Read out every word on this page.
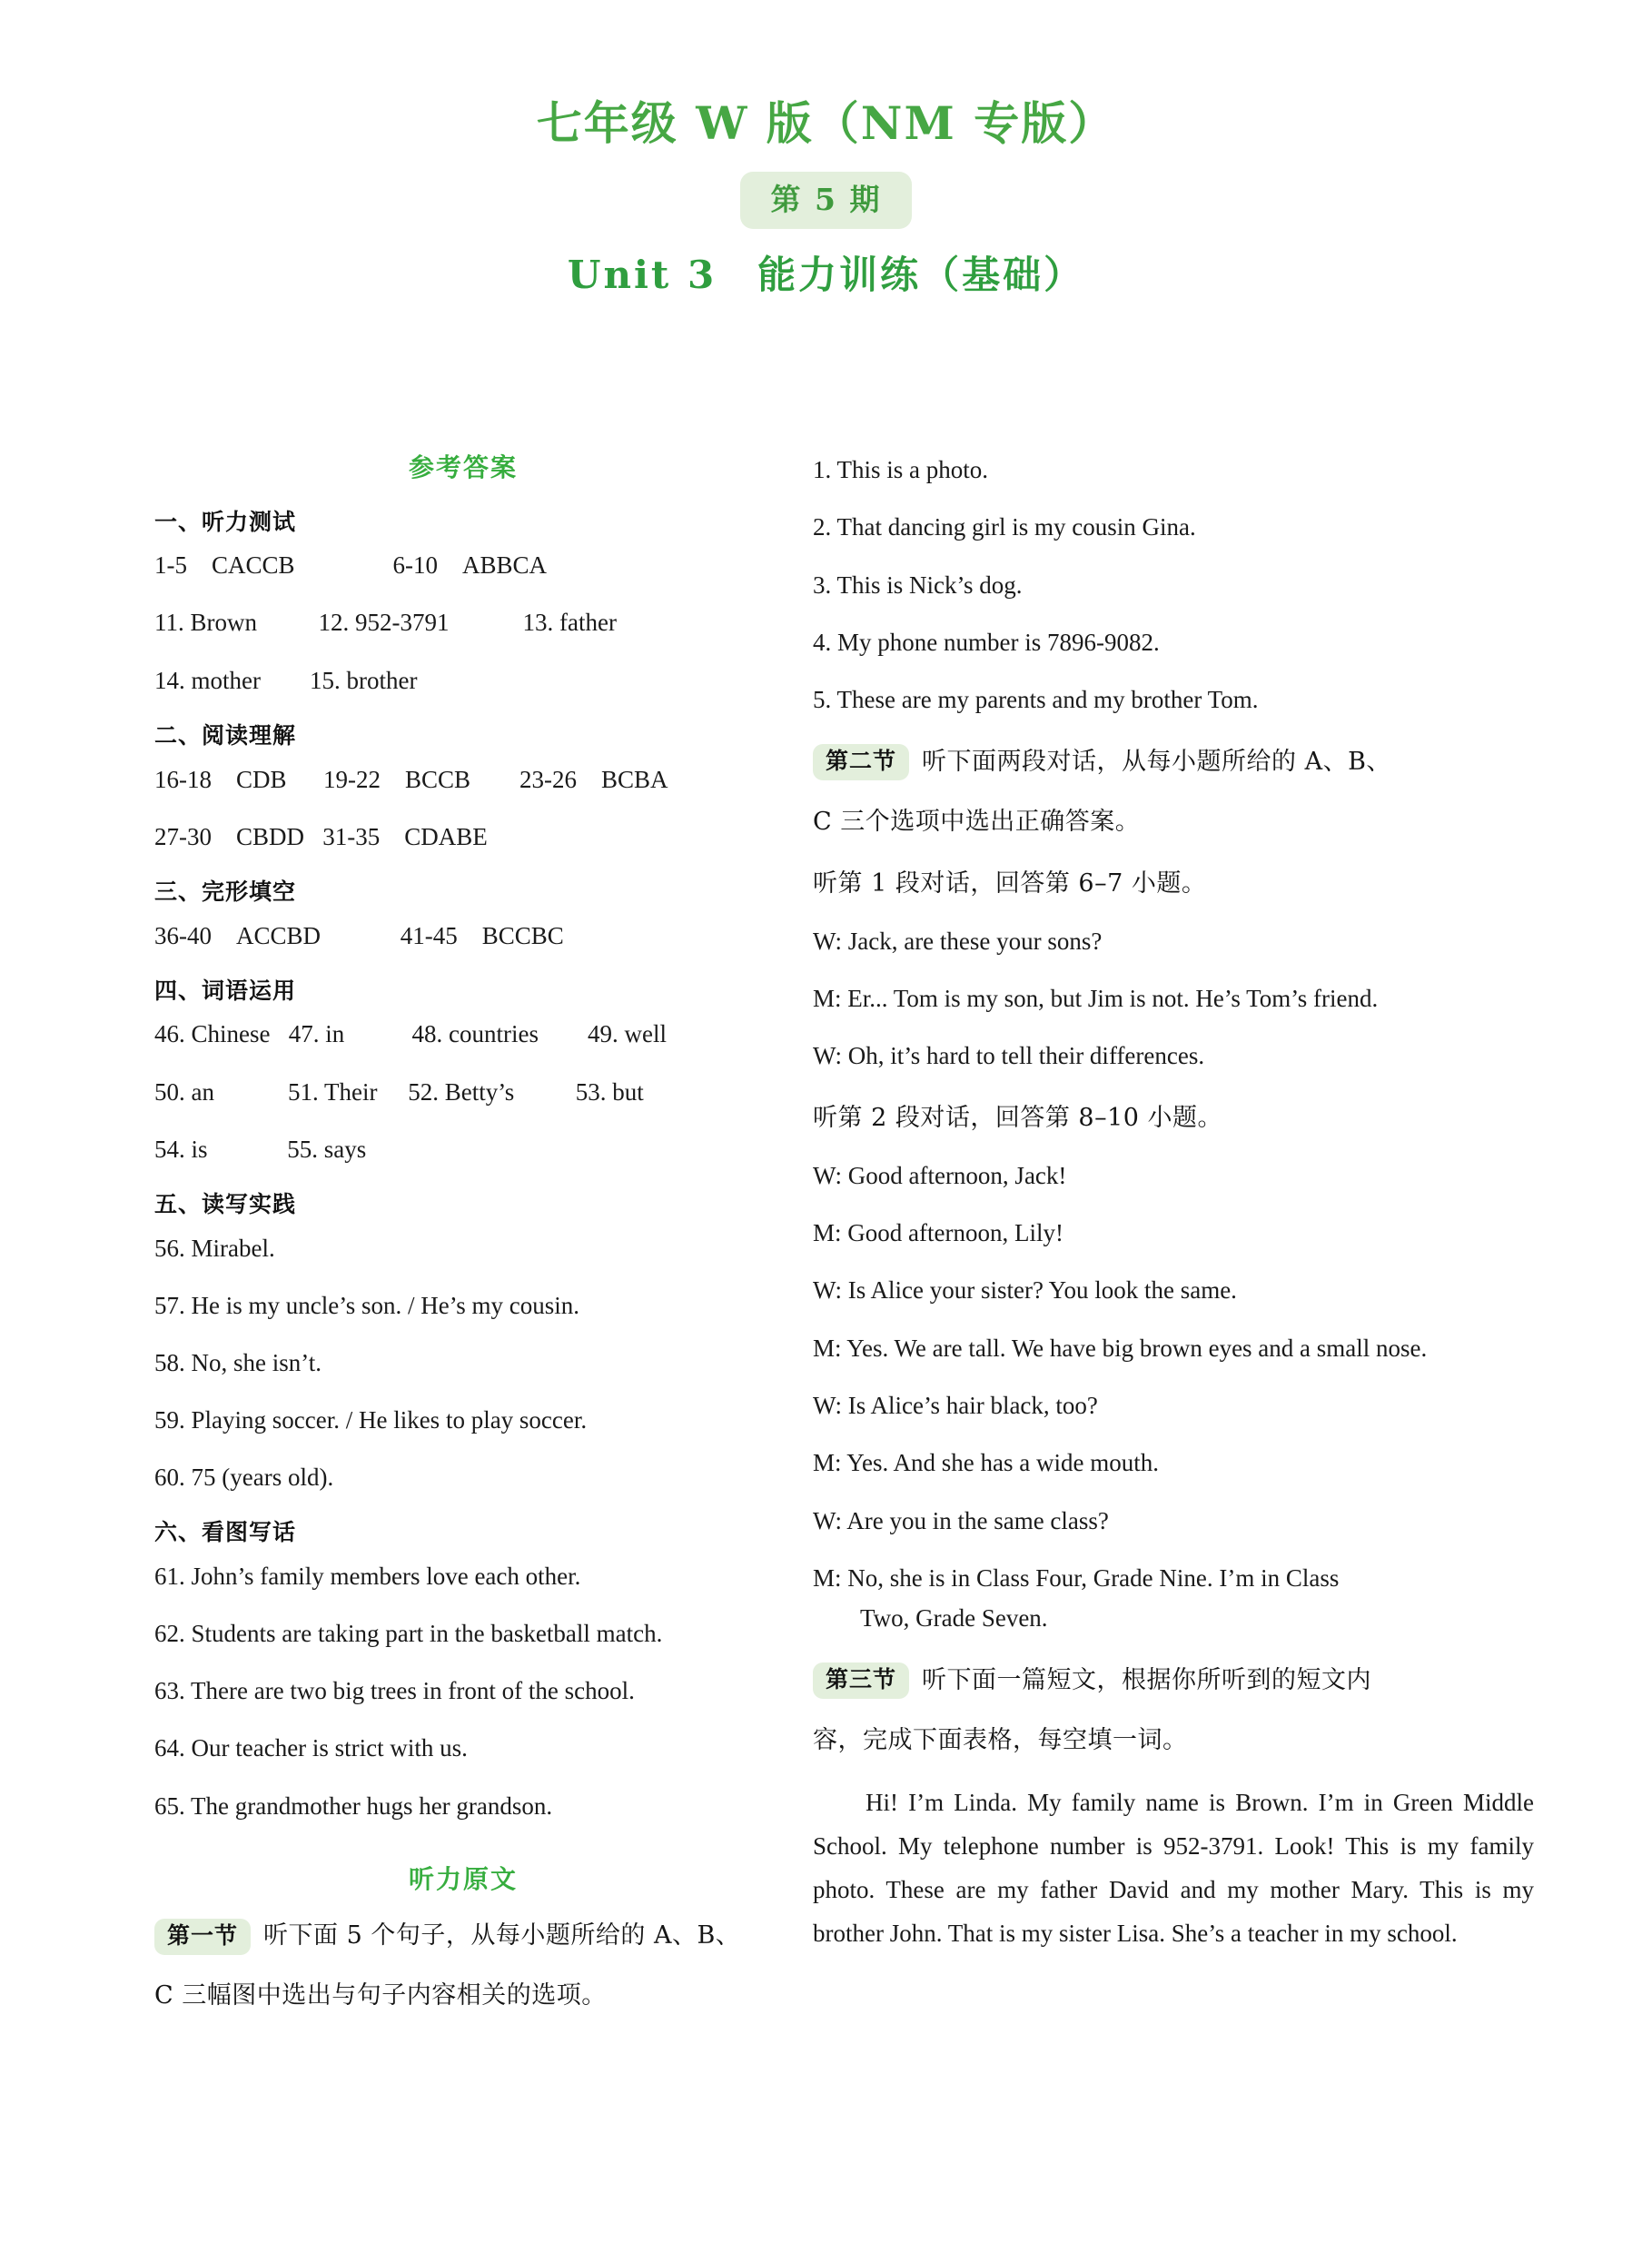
七年级 W 版（NM 专版）
第 5 期
Unit 3　能力训练（基础）
参考答案
一、听力测试
1-5　CACCB                6-10　ABBCA
11. Brown          12. 952-3791            13. father
14. mother        15. brother
二、阅读理解
16-18　CDB      19-22　BCCB        23-26　BCBA
27-30　CBDD   31-35　CDABE
三、完形填空
36-40　ACCBD             41-45　BCCBC
四、词语运用
46. Chinese   47. in           48. countries        49. well
50. an            51. Their     52. Betty’s          53. but
54. is             55. says
五、读写实践
56. Mirabel.
57. He is my uncle’s son. / He’s my cousin.
58. No, she isn’t.
59. Playing soccer. / He likes to play soccer.
60. 75 (years old).
六、看图写话
61. John’s family members love each other.
62. Students are taking part in the basketball match.
63. There are two big trees in front of the school.
64. Our teacher is strict with us.
65. The grandmother hugs her grandson.
听力原文
第一节 听下面 5 个句子，从每小题所给的 A、B、
C 三幅图中选出与句子内容相关的选项。
1. This is a photo.
2. That dancing girl is my cousin Gina.
3. This is Nick’s dog.
4. My phone number is 7896-9082.
5. These are my parents and my brother Tom.
第二节 听下面两段对话，从每小题所给的 A、B、
C 三个选项中选出正确答案。
听第 1 段对话，回答第 6–7 小题。
W: Jack, are these your sons?
M: Er... Tom is my son, but Jim is not. He’s Tom’s friend.
W: Oh, it’s hard to tell their differences.
听第 2 段对话，回答第 8–10 小题。
W: Good afternoon, Jack!
M: Good afternoon, Lily!
W: Is Alice your sister? You look the same.
M: Yes. We are tall. We have big brown eyes and a small nose.
W: Is Alice’s hair black, too?
M: Yes. And she has a wide mouth.
W: Are you in the same class?
M: No, she is in Class Four, Grade Nine. I’m in Class
Two, Grade Seven.
第三节 听下面一篇短文，根据你所听到的短文内
容，完成下面表格，每空填一词。
Hi! I’m Linda. My family name is Brown. I’m in Green Middle School. My telephone number is 952-3791. Look! This is my family photo. These are my father David and my mother Mary. This is my brother John. That is my sister Lisa. She’s a teacher in my school.
